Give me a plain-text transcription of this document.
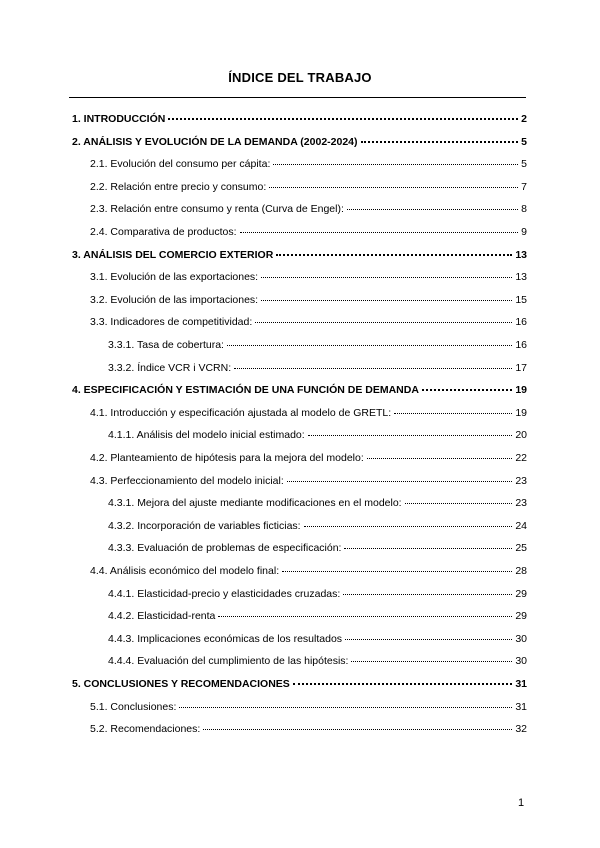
ÍNDICE DEL TRABAJO
1. INTRODUCCIÓN	2
2. ANÁLISIS Y EVOLUCIÓN DE LA DEMANDA (2002-2024)	5
2.1. Evolución del consumo per cápita:	5
2.2. Relación entre precio y consumo:	7
2.3. Relación entre consumo y renta (Curva de Engel):	8
2.4. Comparativa de productos:	9
3. ANÁLISIS DEL COMERCIO EXTERIOR	13
3.1. Evolución de las exportaciones:	13
3.2. Evolución de las importaciones:	15
3.3. Indicadores de competitividad:	16
3.3.1. Tasa de cobertura:	16
3.3.2. Índice VCR i VCRN:	17
4. ESPECIFICACIÓN Y ESTIMACIÓN DE UNA FUNCIÓN DE DEMANDA	19
4.1. Introducción y especificación ajustada al modelo de GRETL:	19
4.1.1. Análisis del modelo inicial estimado:	20
4.2. Planteamiento de hipótesis para la mejora del modelo:	22
4.3. Perfeccionamiento del modelo inicial:	23
4.3.1. Mejora del ajuste mediante modificaciones en el modelo:	23
4.3.2. Incorporación de variables ficticias:	24
4.3.3. Evaluación de problemas de especificación:	25
4.4. Análisis económico del modelo final:	28
4.4.1. Elasticidad-precio y elasticidades cruzadas:	29
4.4.2. Elasticidad-renta	29
4.4.3. Implicaciones económicas de los resultados	30
4.4.4. Evaluación del cumplimiento de las hipótesis:	30
5. CONCLUSIONES Y RECOMENDACIONES	31
5.1. Conclusiones:	31
5.2. Recomendaciones:	32
1
